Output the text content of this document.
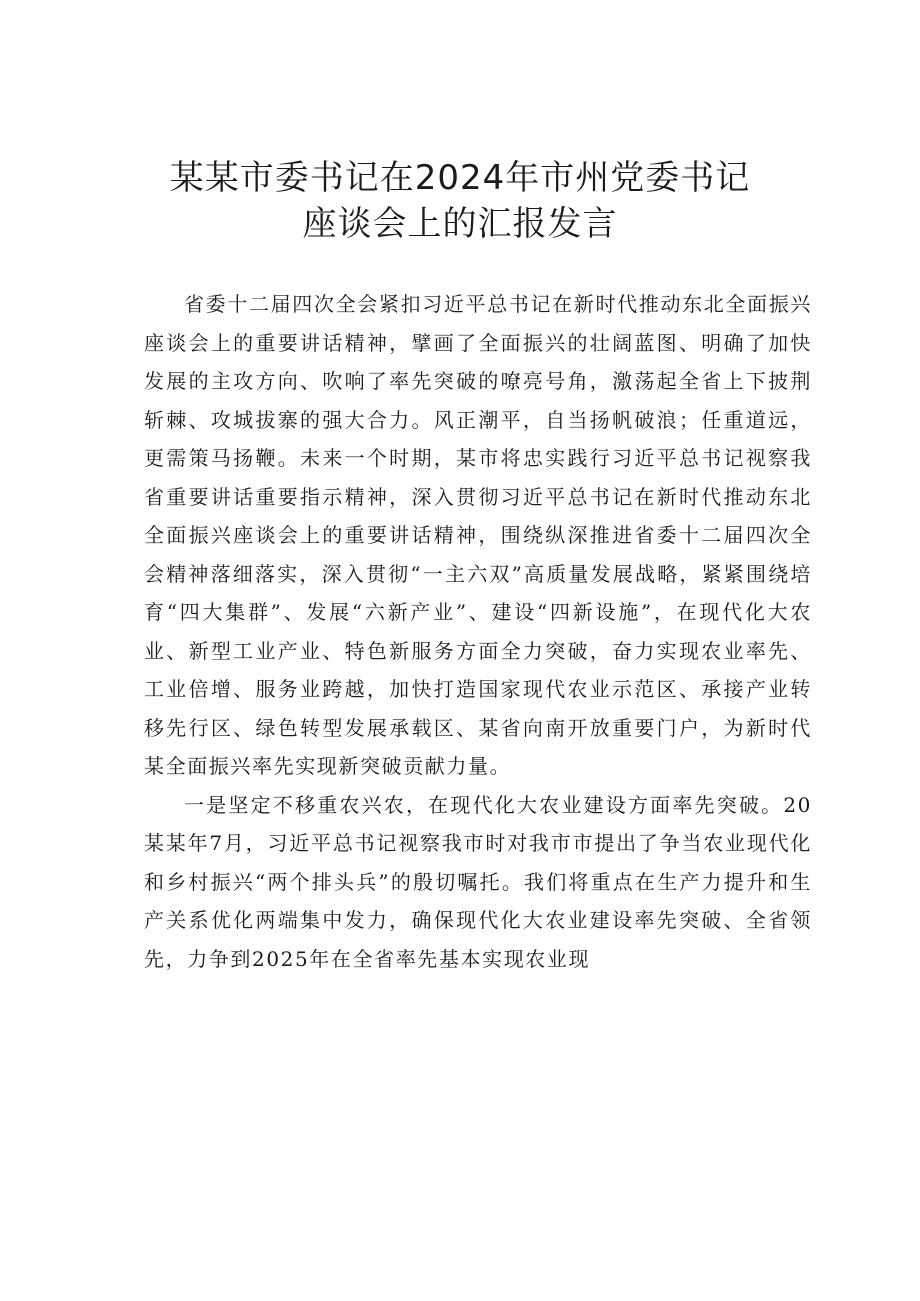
某某市委书记在2024年市州党委书记
座谈会上的汇报发言

省委十二届四次全会紧扣习近平总书记在新时代推动东北全面振兴座谈会上的重要讲话精神，擘画了全面振兴的壮阔蓝图、明确了加快发展的主攻方向、吹响了率先突破的嘹亮号角，激荡起全省上下披荆斩棘、攻城拔寨的强大合力。风正潮平，自当扬帆破浪；任重道远，更需策马扬鞭。未来一个时期，某市将忠实践行习近平总书记视察我省重要讲话重要指示精神，深入贯彻习近平总书记在新时代推动东北全面振兴座谈会上的重要讲话精神，围绕纵深推进省委十二届四次全会精神落细落实，深入贯彻“一主六双”高质量发展战略，紧紧围绕培育“四大集群”、发展“六新产业”、建设“四新设施”，在现代化大农业、新型工业产业、特色新服务方面全力突破，奋力实现农业率先、工业倍增、服务业跨越，加快打造国家现代农业示范区、承接产业转移先行区、绿色转型发展承载区、某省向南开放重要门户，为新时代某全面振兴率先实现新突破贡献力量。

一是坚定不移重农兴农，在现代化大农业建设方面率先突破。20某某年7月，习近平总书记视察我市时对我市市提出了争当农业现代化和乡村振兴“两个排头兵”的殷切嘱托。我们将重点在生产力提升和生产关系优化两端集中发力，确保现代化大农业建设率先突破、全省领先，力争到2025年在全省率先基本实现农业现
